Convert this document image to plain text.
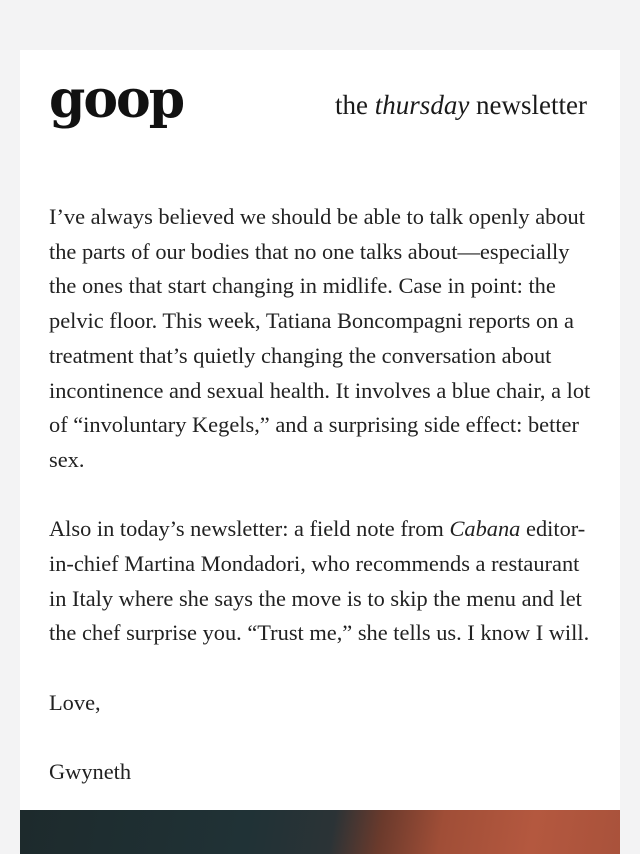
goop	the thursday newsletter

I’ve always believed we should be able to talk openly about the parts of our bodies that no one talks about—especially the ones that start changing in midlife. Case in point: the pelvic floor. This week, Tatiana Boncompagni reports on a treatment that’s quietly changing the conversation about incontinence and sexual health. It involves a blue chair, a lot of “involuntary Kegels,” and a surprising side effect: better sex.

Also in today’s newsletter: a field note from Cabana editor-in-chief Martina Mondadori, who recommends a restaurant in Italy where she says the move is to skip the menu and let the chef surprise you. “Trust me,” she tells us. I know I will.

Love,

Gwyneth
